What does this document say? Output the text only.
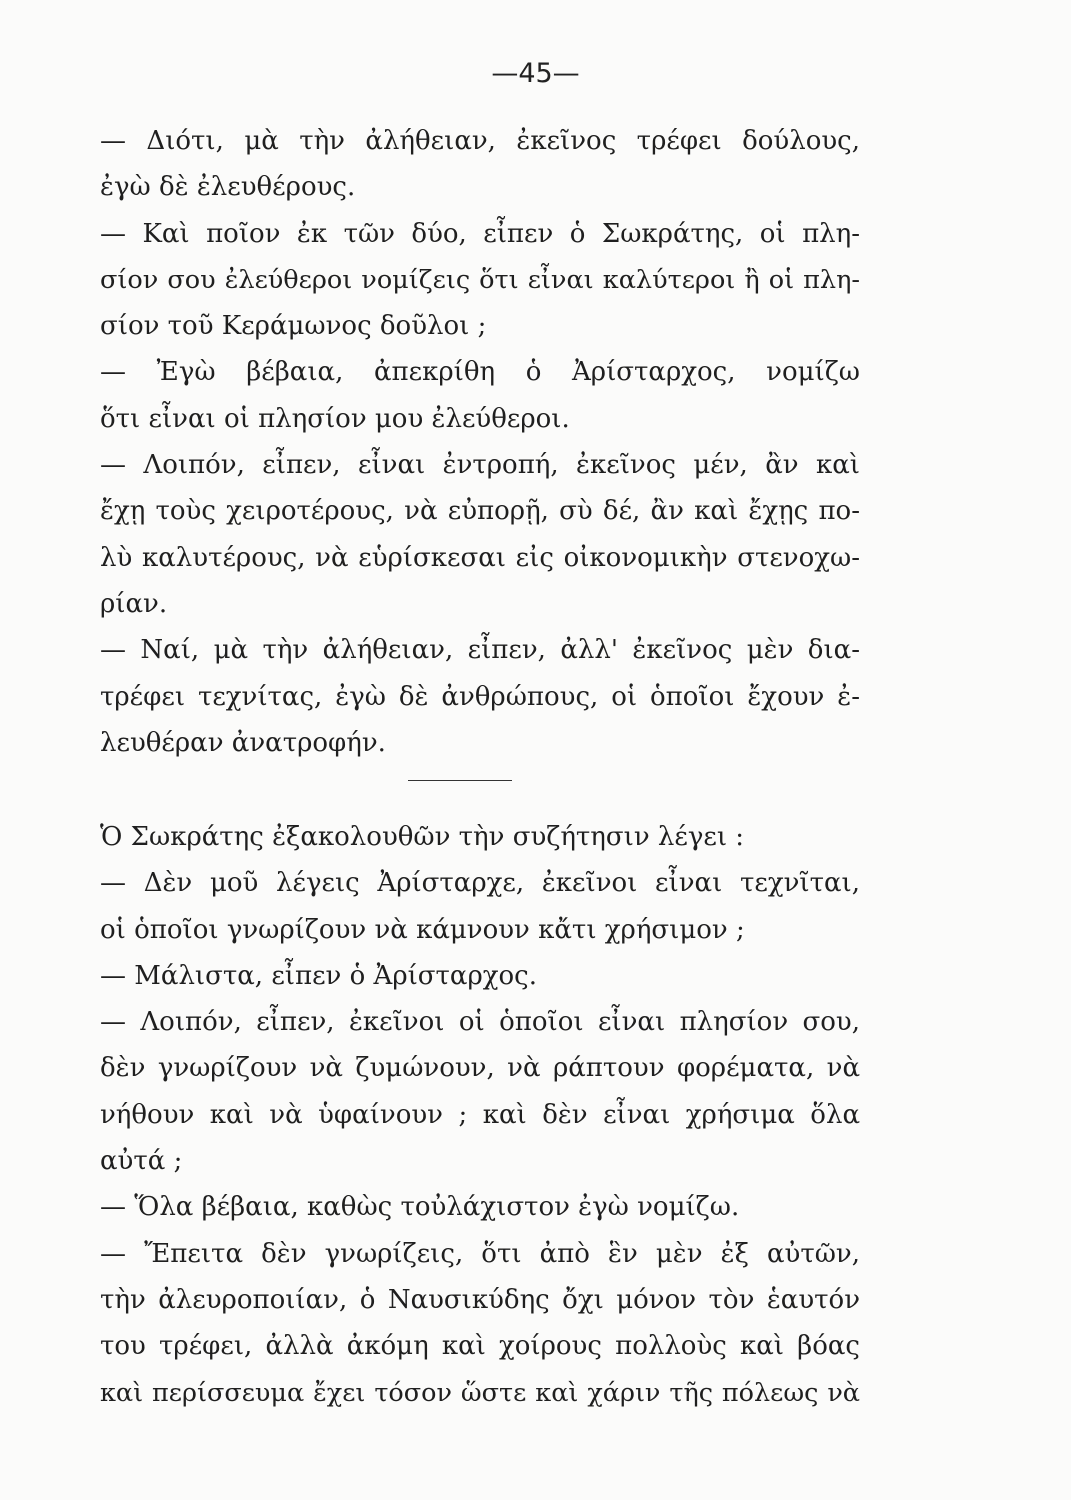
—45—
— Διότι, μὰ τὴν ἀλήθειαν, ἐκεῖνος τρέφει δούλους,
ἐγὼ δὲ ἐλευθέρους.
— Καὶ ποῖον ἐκ τῶν δύο, εἶπεν ὁ Σωκράτης, οἱ πλη-
σίον σου ἐλεύθεροι νομίζεις ὅτι εἶναι καλύτεροι ἢ οἱ πλη-
σίον τοῦ Κεράμωνος δοῦλοι ;
— Ἐγὼ βέβαια, ἀπεκρίθη ὁ Ἀρίσταρχος, νομίζω
ὅτι εἶναι οἱ πλησίον μου ἐλεύθεροι.
— Λοιπόν, εἶπεν, εἶναι ἐντροπή, ἐκεῖνος μέν, ἂν καὶ
ἔχῃ τοὺς χειροτέρους, νὰ εὐπορῇ, σὺ δέ, ἂν καὶ ἔχῃς πο-
λὺ καλυτέρους, νὰ εὑρίσκεσαι εἰς οἰκονομικὴν στενοχω-
ρίαν.
— Ναί, μὰ τὴν ἀλήθειαν, εἶπεν, ἀλλ' ἐκεῖνος μὲν δια-
τρέφει τεχνίτας, ἐγὼ δὲ ἀνθρώπους, οἱ ὁποῖοι ἔχουν ἐ-
λευθέραν ἀνατροφήν.
Ὁ Σωκράτης ἐξακολουθῶν τὴν συζήτησιν λέγει :
— Δὲν μοῦ λέγεις Ἀρίσταρχε, ἐκεῖνοι εἶναι τεχνῖται,
οἱ ὁποῖοι γνωρίζουν νὰ κάμνουν κἄτι χρήσιμον ;
— Μάλιστα, εἶπεν ὁ Ἀρίσταρχος.
— Λοιπόν, εἶπεν, ἐκεῖνοι οἱ ὁποῖοι εἶναι πλησίον σου,
δὲν γνωρίζουν νὰ ζυμώνουν, νὰ ράπτουν φορέματα, νὰ
νήθουν καὶ νὰ ὑφαίνουν ; καὶ δὲν εἶναι χρήσιμα ὅλα
αὐτά ;
— Ὅλα βέβαια, καθὼς τοὐλάχιστον ἐγὼ νομίζω.
— Ἔπειτα δὲν γνωρίζεις, ὅτι ἀπὸ ἓν μὲν ἐξ αὐτῶν,
τὴν ἀλευροποιίαν, ὁ Ναυσικύδης ὄχι μόνον τὸν ἑαυτόν
του τρέφει, ἀλλὰ ἀκόμη καὶ χοίρους πολλοὺς καὶ βόας
καὶ περίσσευμα ἔχει τόσον ὥστε καὶ χάριν τῆς πόλεως νὰ
